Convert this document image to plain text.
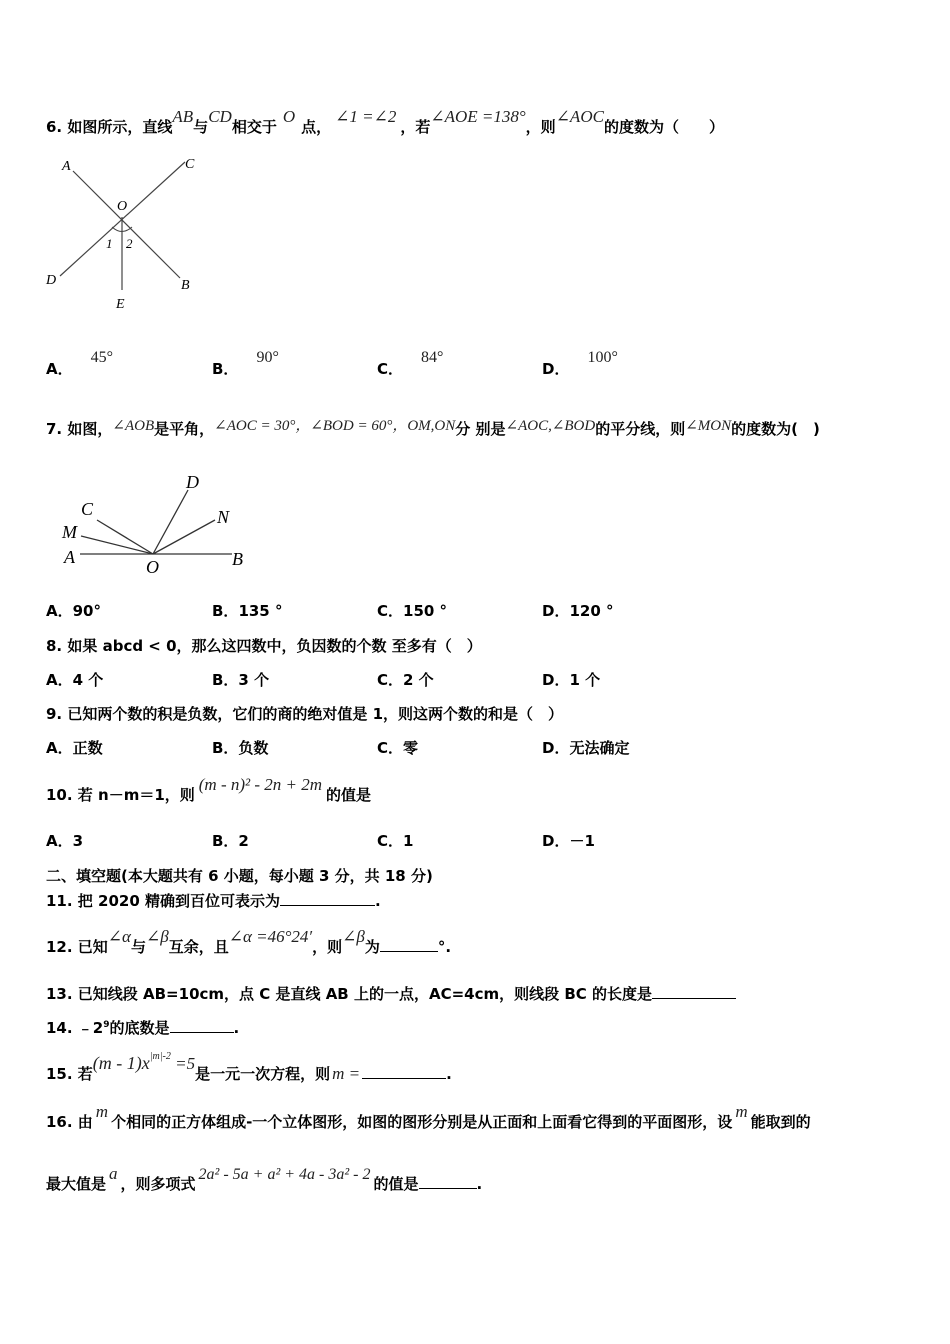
6. 如图所示，直线AB与CD相交于O点，∠1 =∠2，若∠AOE =138°，则∠AOC的度数为（　　）
A	C
O
1 2
D	B
E
A．45°
B．90°
C．84°
D．100°
7. 如图，∠AOB是平角，∠AOC = 30°，∠BOD = 60°，OM,ON分 别是∠AOC,∠BOD的平分线，则∠MON的度数为(　)
C
M
A	O
D
N
B
A．90°	B．135 °	C．150 °	D．120 °
8. 如果 abcd < 0，那么这四数中，负因数的个数 至多有（　）
A．4 个	B．3 个	C．2 个	D．1 个
9. 已知两个数的积是负数，它们的商的绝对值是 1，则这两个数的和是（　）
A．正数	B．负数	C．零	D．无法确定
10. 若 n－m＝1，则(m - n)² - 2n + 2m的值是
A．3	B．2	C．1	D．－1
二、填空题(本大题共有 6 小题，每小题 3 分，共 18 分)
11. 把 2020 精确到百位可表示为	.
12. 已知∠α与∠β互余，且∠α =46°24′，则∠β为	°.
13. 已知线段 AB=10cm，点 C 是直线 AB 上的一点，AC=4cm，则线段 BC 的长度是
14. $﹣2^9$的底数是	.
15. 若$(m - 1)x^{|m|-2} =5$是一元一次方程，则 m =	.
16. 由m个相同的正方体组成-一个立体图形，如图的图形分别是从正面和上面看它得到的平面图形，设m能取到的
最大值是a，则多项式2a² - 5a + a² + 4a - 3a² - 2的值是	.
